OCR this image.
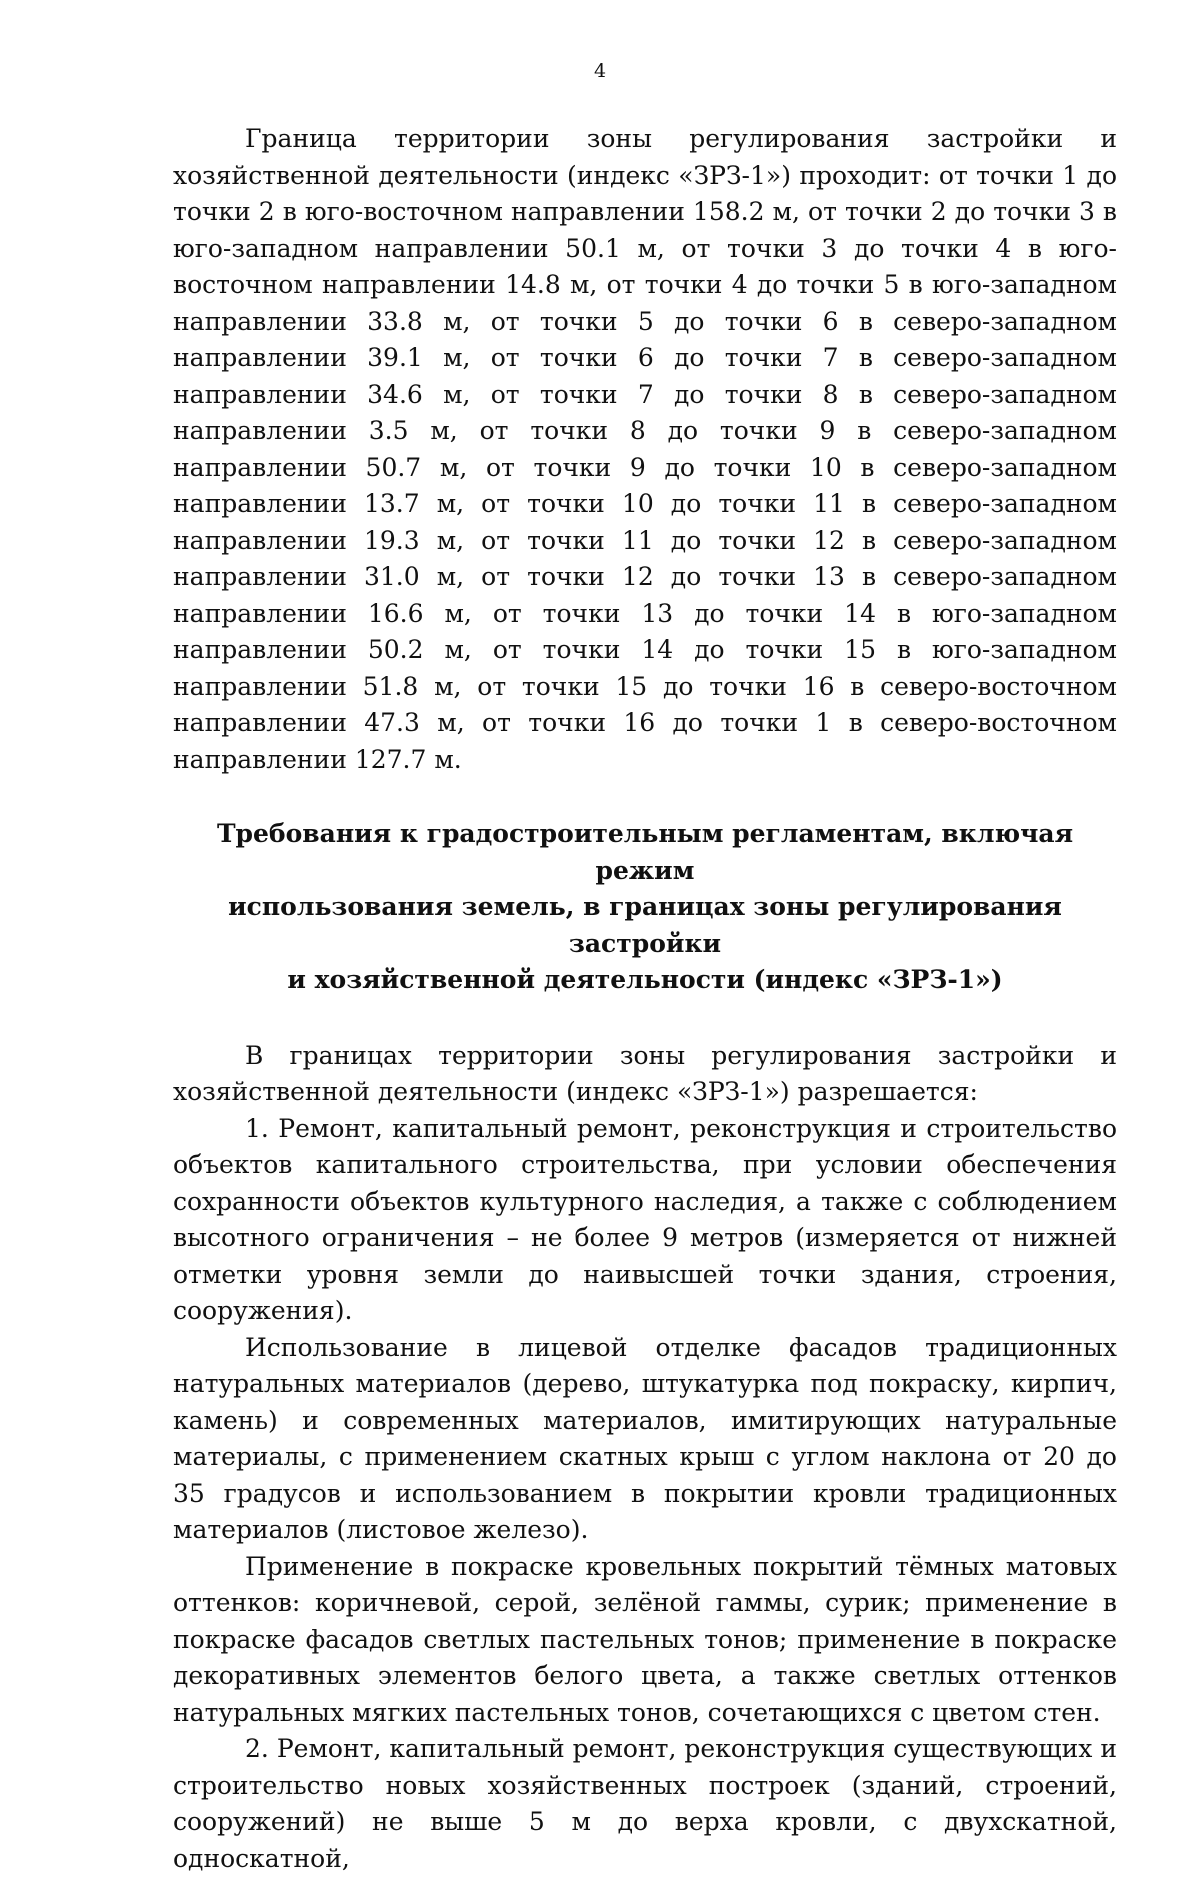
4

Граница территории зоны регулирования застройки и хозяйственной деятельности (индекс «ЗРЗ-1») проходит: от точки 1 до точки 2 в юго-восточном направлении 158.2 м, от точки 2 до точки 3 в юго-западном направлении 50.1 м, от точки 3 до точки 4 в юго-восточном направлении 14.8 м, от точки 4 до точки 5 в юго-западном направлении 33.8 м, от точки 5 до точки 6 в северо-западном направлении 39.1 м, от точки 6 до точки 7 в северо-западном направлении 34.6 м, от точки 7 до точки 8 в северо-западном направлении 3.5 м, от точки 8 до точки 9 в северо-западном направлении 50.7 м, от точки 9 до точки 10 в северо-западном направлении 13.7 м, от точки 10 до точки 11 в северо-западном направлении 19.3 м, от точки 11 до точки 12 в северо-западном направлении 31.0 м, от точки 12 до точки 13 в северо-западном направлении 16.6 м, от точки 13 до точки 14 в юго-западном направлении 50.2 м, от точки 14 до точки 15 в юго-западном направлении 51.8 м, от точки 15 до точки 16 в северо-восточном направлении 47.3 м, от точки 16 до точки 1 в северо-восточном направлении 127.7 м.

Требования к градостроительным регламентам, включая режим
использования земель, в границах зоны регулирования застройки
и хозяйственной деятельности (индекс «ЗРЗ-1»)

В границах территории зоны регулирования застройки и хозяйственной деятельности (индекс «ЗРЗ-1») разрешается:

1. Ремонт, капитальный ремонт, реконструкция и строительство объектов капитального строительства, при условии обеспечения сохранности объектов культурного наследия, а также с соблюдением высотного ограничения – не более 9 метров (измеряется от нижней отметки уровня земли до наивысшей точки здания, строения, сооружения).

Использование в лицевой отделке фасадов традиционных натуральных материалов (дерево, штукатурка под покраску, кирпич, камень) и современных материалов, имитирующих натуральные материалы, с применением скатных крыш с углом наклона от 20 до 35 градусов и использованием в покрытии кровли традиционных материалов (листовое железо).

Применение в покраске кровельных покрытий тёмных матовых оттенков: коричневой, серой, зелёной гаммы, сурик; применение в покраске фасадов светлых пастельных тонов; применение в покраске декоративных элементов белого цвета, а также светлых оттенков натуральных мягких пастельных тонов, сочетающихся с цветом стен.

2. Ремонт, капитальный ремонт, реконструкция существующих и строительство новых хозяйственных построек (зданий, строений, сооружений) не выше 5 м до верха кровли, с двухскатной, односкатной,
